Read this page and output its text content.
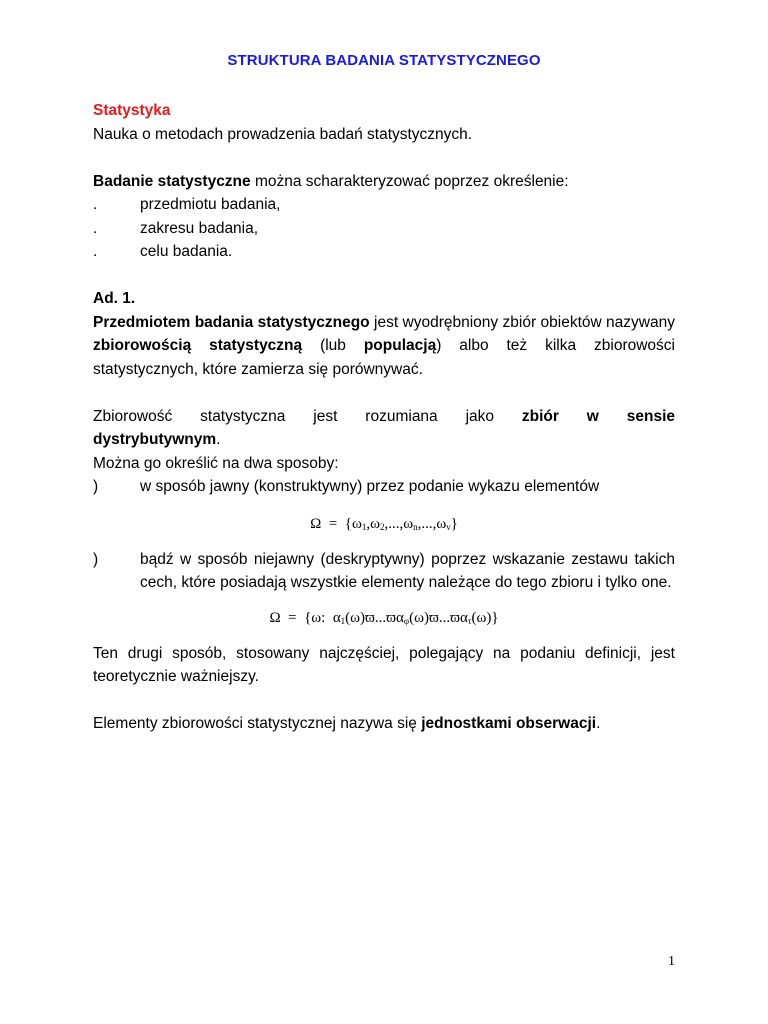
STRUKTURA BADANIA STATYSTYCZNEGO

Statystyka

Nauka o metodach prowadzenia badań statystycznych.

Badanie statystyczne można scharakteryzować poprzez określenie:

.	przedmiotu badania,
.	zakresu badania,
.	celu badania.

Ad. 1.

Przedmiotem badania statystycznego jest wyodrębniony zbiór obiektów nazywany zbiorowością statystyczną (lub populacją) albo też kilka zbiorowości statystycznych, które zamierza się porównywać.

Zbiorowość statystyczna jest rozumiana jako zbiór w sensie

dystrybutywnym.

Można go określić na dwa sposoby:

)	w sposób jawny (konstruktywny) przez podanie wykazu elementów
$\Omega = \{\omega_1,\omega_2,...,\omega_n,...,\omega_v\}$
)	bądź w sposób niejawny (deskryptywny) poprzez wskazanie zestawu takich cech, które posiadają wszystkie elementy należące do tego zbioru i tylko one.
Ω = {ω: $\alpha_1(\omega)ϖ...ϖ\alpha_\varphi(\omega)ϖ...ϖ\alpha_\tau(\omega)$}

Ten drugi sposób, stosowany najczęściej, polegający na podaniu definicji, jest teoretycznie ważniejszy.

Elementy zbiorowości statystycznej nazywa się jednostkami obserwacji.

1
